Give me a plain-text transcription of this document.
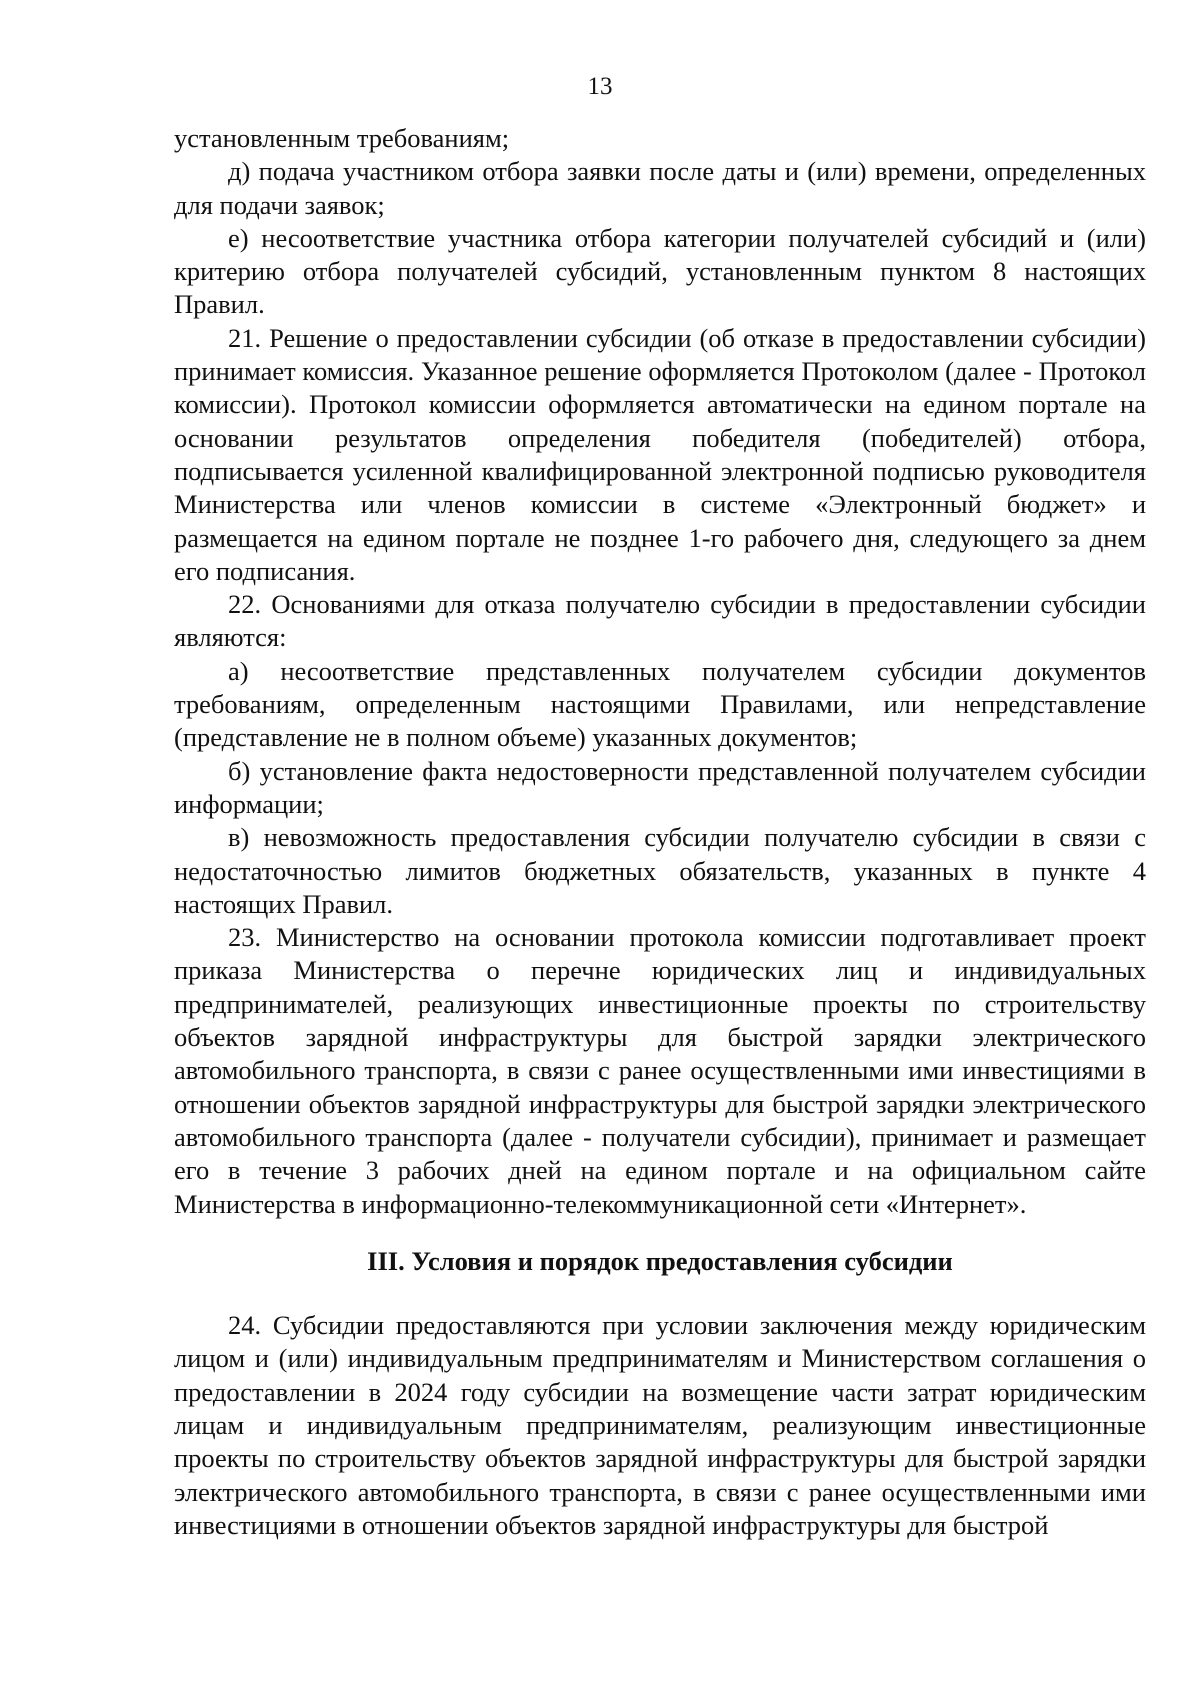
13

установленным требованиям;

д) подача участником отбора заявки после даты и (или) времени, определенных для подачи заявок;

е) несоответствие участника отбора категории получателей субсидий и (или) критерию отбора получателей субсидий, установленным пунктом 8 настоящих Правил.

21. Решение о предоставлении субсидии (об отказе в предоставлении субсидии) принимает комиссия. Указанное решение оформляется Протоколом (далее - Протокол комиссии). Протокол комиссии оформляется автоматически на едином портале на основании результатов определения победителя (победителей) отбора, подписывается усиленной квалифицированной электронной подписью руководителя Министерства или членов комиссии в системе «Электронный бюджет» и размещается на едином портале не позднее 1-го рабочего дня, следующего за днем его подписания.

22. Основаниями для отказа получателю субсидии в предоставлении субсидии являются:

а) несоответствие представленных получателем субсидии документов требованиям, определенным настоящими Правилами, или непредставление (представление не в полном объеме) указанных документов;

б) установление факта недостоверности представленной получателем субсидии информации;

в) невозможность предоставления субсидии получателю субсидии в связи с недостаточностью лимитов бюджетных обязательств, указанных в пункте 4 настоящих Правил.

23. Министерство на основании протокола комиссии подготавливает проект приказа Министерства о перечне юридических лиц и индивидуальных предпринимателей, реализующих инвестиционные проекты по строительству объектов зарядной инфраструктуры для быстрой зарядки электрического автомобильного транспорта, в связи с ранее осуществленными ими инвестициями в отношении объектов зарядной инфраструктуры для быстрой зарядки электрического автомобильного транспорта (далее - получатели субсидии), принимает и размещает его в течение 3 рабочих дней на едином портале и на официальном сайте Министерства в информационно-телекоммуникационной сети «Интернет».

III. Условия и порядок предоставления субсидии

24. Субсидии предоставляются при условии заключения между юридическим лицом и (или) индивидуальным предпринимателям и Министерством соглашения о предоставлении в 2024 году субсидии на возмещение части затрат юридическим лицам и индивидуальным предпринимателям, реализующим инвестиционные проекты по строительству объектов зарядной инфраструктуры для быстрой зарядки электрического автомобильного транспорта, в связи с ранее осуществленными ими инвестициями в отношении объектов зарядной инфраструктуры для быстрой
